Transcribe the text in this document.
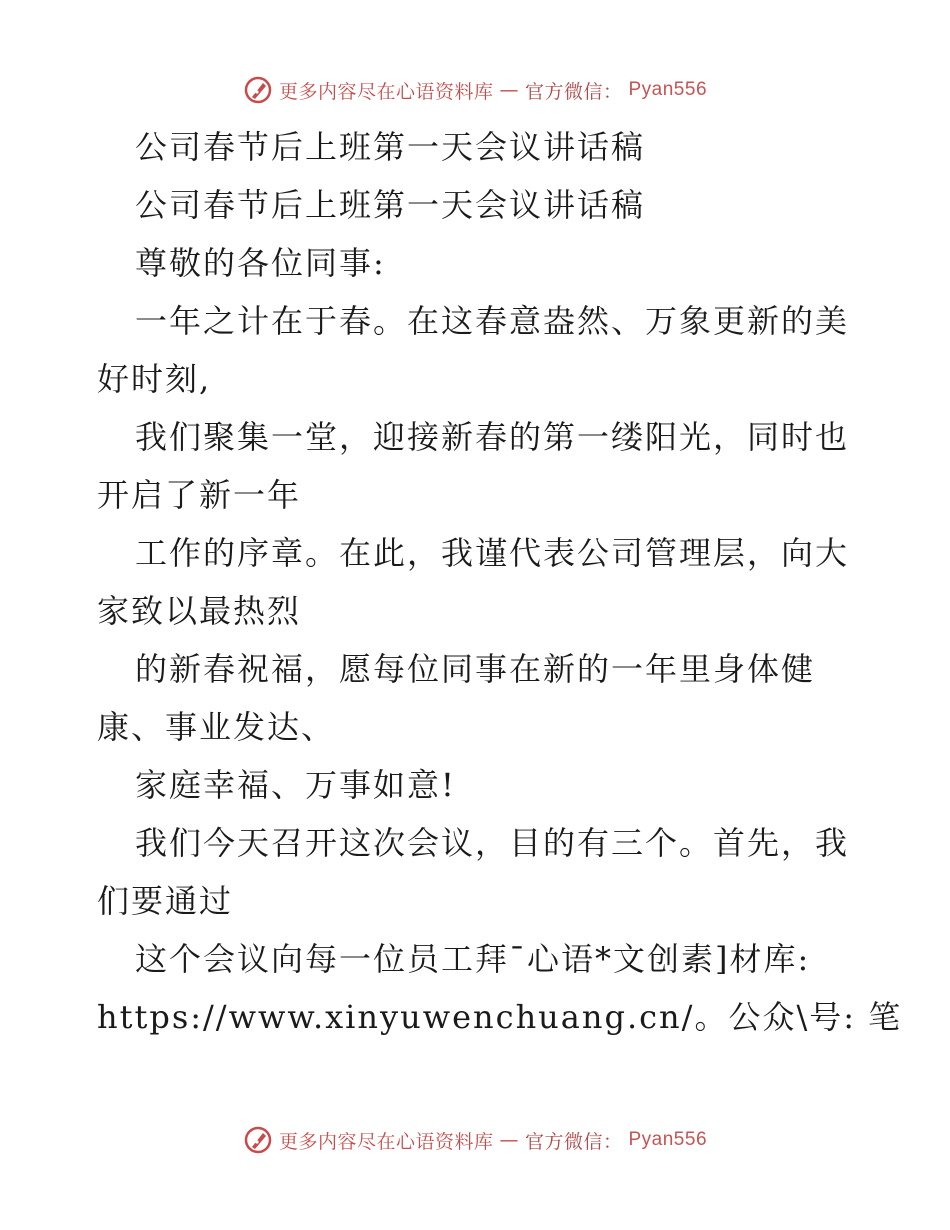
更多内容尽在心语资料库 — 官方微信： Pyan556

公司春节后上班第一天会议讲话稿

公司春节后上班第一天会议讲话稿

尊敬的各位同事:

一年之计在于春。在这春意盎然、万象更新的美

好时刻,

我们聚集一堂，迎接新春的第一缕阳光，同时也

开启了新一年

工作的序章。在此，我谨代表公司管理层，向大

家致以最热烈

的新春祝福，愿每位同事在新的一年里身体健

康、事业发达、

家庭幸福、万事如意!

我们今天召开这次会议，目的有三个。首先，我

们要通过

这个会议向每一位员工拜¯心语*文创素]材库:

https://www.xinyuwenchuang.cn/。公众\号: 笔

更多内容尽在心语资料库 — 官方微信： Pyan556
